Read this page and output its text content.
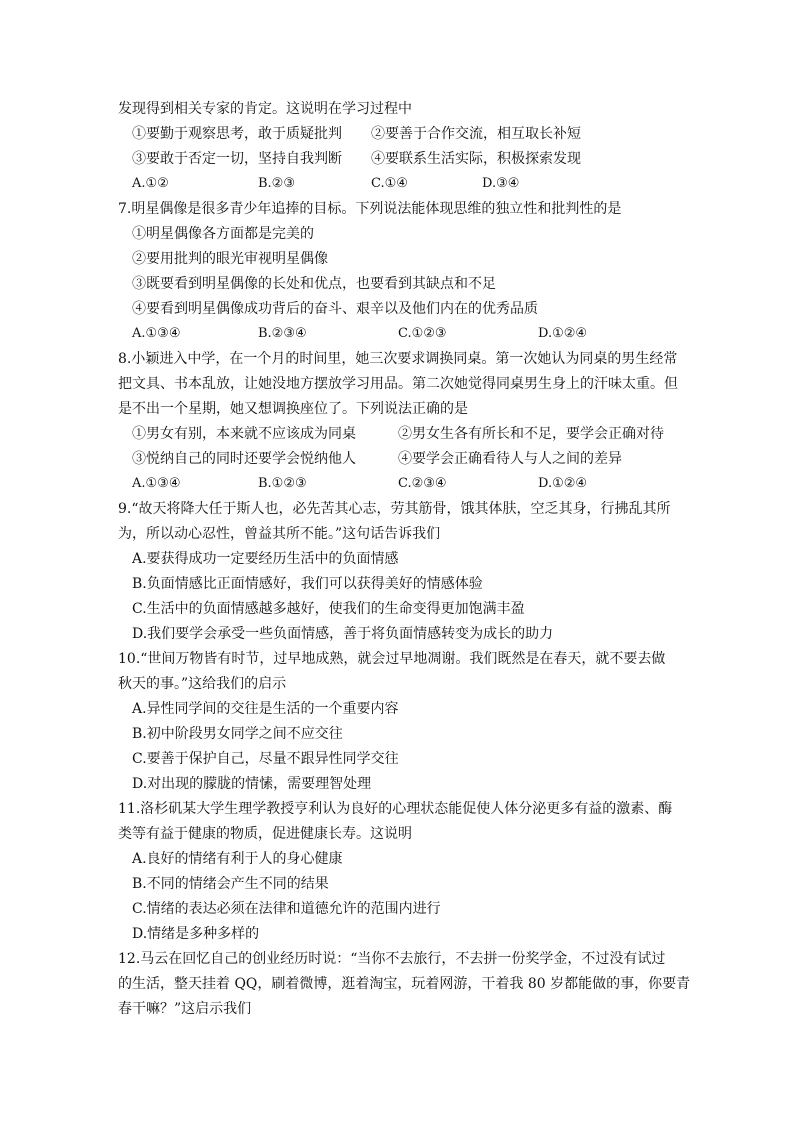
发现得到相关专家的肯定。这说明在学习过程中
①要勤于观察思考，敢于质疑批判 ②要善于合作交流，相互取长补短
③要敢于否定一切，坚持自我判断 ④要联系生活实际，积极探索发现
A.①②	B.②③	C.①④	D.③④
7.明星偶像是很多青少年追捧的目标。下列说法能体现思维的独立性和批判性的是
①明星偶像各方面都是完美的
②要用批判的眼光审视明星偶像
③既要看到明星偶像的长处和优点，也要看到其缺点和不足
④要看到明星偶像成功背后的奋斗、艰辛以及他们内在的优秀品质
A.①③④	B.②③④	C.①②③	D.①②④
8.小颖进入中学，在一个月的时间里，她三次要求调换同桌。第一次她认为同桌的男生经常
把文具、书本乱放，让她没地方摆放学习用品。第二次她觉得同桌男生身上的汗味太重。但
是不出一个星期，她又想调换座位了。下列说法正确的是
①男女有别，本来就不应该成为同桌	②男女生各有所长和不足，要学会正确对待
③悦纳自己的同时还要学会悦纳他人	④要学会正确看待人与人之间的差异
A.①③④	B.①②③	C.②③④	D.①②④
9.“故天将降大任于斯人也，必先苦其心志，劳其筋骨，饿其体肤，空乏其身，行拂乱其所
为，所以动心忍性，曾益其所不能。”这句话告诉我们
A.要获得成功一定要经历生活中的负面情感
B.负面情感比正面情感好，我们可以获得美好的情感体验
C.生活中的负面情感越多越好，使我们的生命变得更加饱满丰盈
D.我们要学会承受一些负面情感，善于将负面情感转变为成长的助力
10.“世间万物皆有时节，过早地成熟，就会过早地凋谢。我们既然是在春天，就不要去做
秋天的事。”这给我们的启示
A.异性同学间的交往是生活的一个重要内容
B.初中阶段男女同学之间不应交往
C.要善于保护自己，尽量不跟异性同学交往
D.对出现的朦胧的情愫，需要理智处理
11.洛杉矶某大学生理学教授亨利认为良好的心理状态能促使人体分泌更多有益的激素、酶
类等有益于健康的物质，促进健康长寿。这说明
A.良好的情绪有利于人的身心健康
B.不同的情绪会产生不同的结果
C.情绪的表达必须在法律和道德允许的范围内进行
D.情绪是多种多样的
12.马云在回忆自己的创业经历时说：“当你不去旅行，不去拼一份奖学金，不过没有试过
的生活，整天挂着 QQ，刷着微博，逛着淘宝，玩着网游，干着我 80 岁都能做的事，你要青
春干嘛？”这启示我们
